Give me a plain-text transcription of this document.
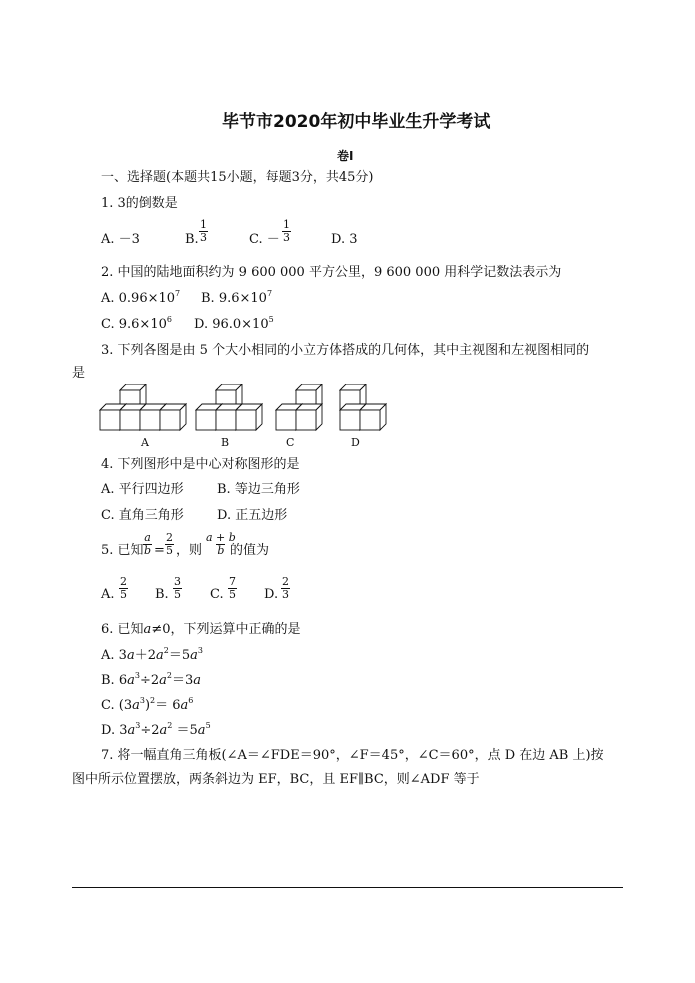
毕节市2020年初中毕业生升学考试
卷Ⅰ
一、选择题(本题共15小题，每题3分，共45分)
1. 3的倒数是
A. －3	B. $\frac{1}{3}$	C. － $\frac{1}{3}$	D. 3
2. 中国的陆地面积约为 9 600 000 平方公里，9 600 000 用科学记数法表示为
A. $0.96\times 10^7$ B. $9.6\times 10^7$
C. $9.6\times 10^6$ D. $96.0\times 10^5$
3. 下列各图是由 5 个大小相同的小立方体搭成的几何体，其中主视图和左视图相同的
是
A	B	C	D
4. 下列图形中是中心对称图形的是
A. 平行四边形	B. 等边三角形
C. 直角三角形	D. 正五边形
5. 已知 $\frac{a}{b} = \frac{2}{5}$ ，则 $\frac{a + b}{b}$
的值为
A. $\frac{2}{5} B$. $\frac{3}{5} C$. $\frac{7}{5} D$. $\frac{2}{3}$
6. 已知a≠0，下列运算中正确的是
A. $3a+2a^2=5a^3$
B. $6a^3\div 2a^2=3a$
C. $(3a^3)^2= 6a^6$
D. $3a^3\div 2a^2 =5a^5$
7. 将一幅直角三角板(∠A＝∠FDE＝90°，∠F＝45°，∠C＝60°，点 D 在边 AB 上)按
图中所示位置摆放，两条斜边为 EF，BC，且 EF∥BC，则∠ADF 等于
